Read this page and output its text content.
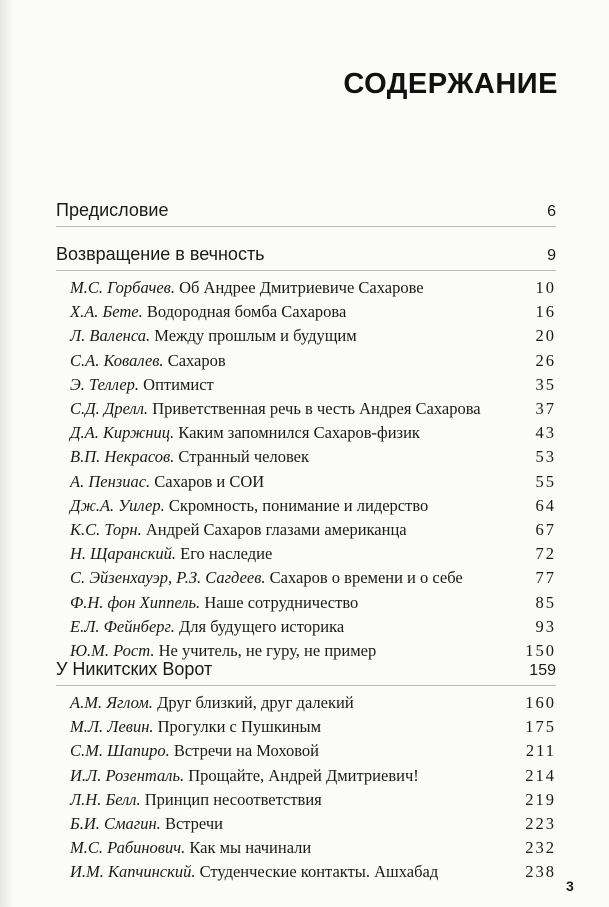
СОДЕРЖАНИЕ
Предисловие	6
Возвращение в вечность	9
М.С. Горбачев. Об Андрее Дмитриевиче Сахарове	10
Х.А. Бете. Водородная бомба Сахарова	16
Л. Валенса. Между прошлым и будущим	20
С.А. Ковалев. Сахаров	26
Э. Теллер. Оптимист	35
С.Д. Дрелл. Приветственная речь в честь Андрея Сахарова	37
Д.А. Киржниц. Каким запомнился Сахаров-физик	43
В.П. Некрасов. Странный человек	53
А. Пензиас. Сахаров и СОИ	55
Дж.А. Уилер. Скромность, понимание и лидерство	64
К.С. Торн. Андрей Сахаров глазами американца	67
Н. Щаранский. Его наследие	72
С. Эйзенхауэр, Р.З. Сагдеев. Сахаров о времени и о себе	77
Ф.Н. фон Хиппель. Наше сотрудничество	85
Е.Л. Фейнберг. Для будущего историка	93
Ю.М. Рост. Не учитель, не гуру, не пример	150
У Никитских Ворот	159
А.М. Яглом. Друг близкий, друг далекий	160
М.Л. Левин. Прогулки с Пушкиным	175
С.М. Шапиро. Встречи на Моховой	211
И.Л. Розенталь. Прощайте, Андрей Дмитриевич!	214
Л.Н. Белл. Принцип несоответствия	219
Б.И. Смагин. Встречи	223
М.С. Рабинович. Как мы начинали	232
И.М. Капчинский. Студенческие контакты. Ашхабад	238
3
